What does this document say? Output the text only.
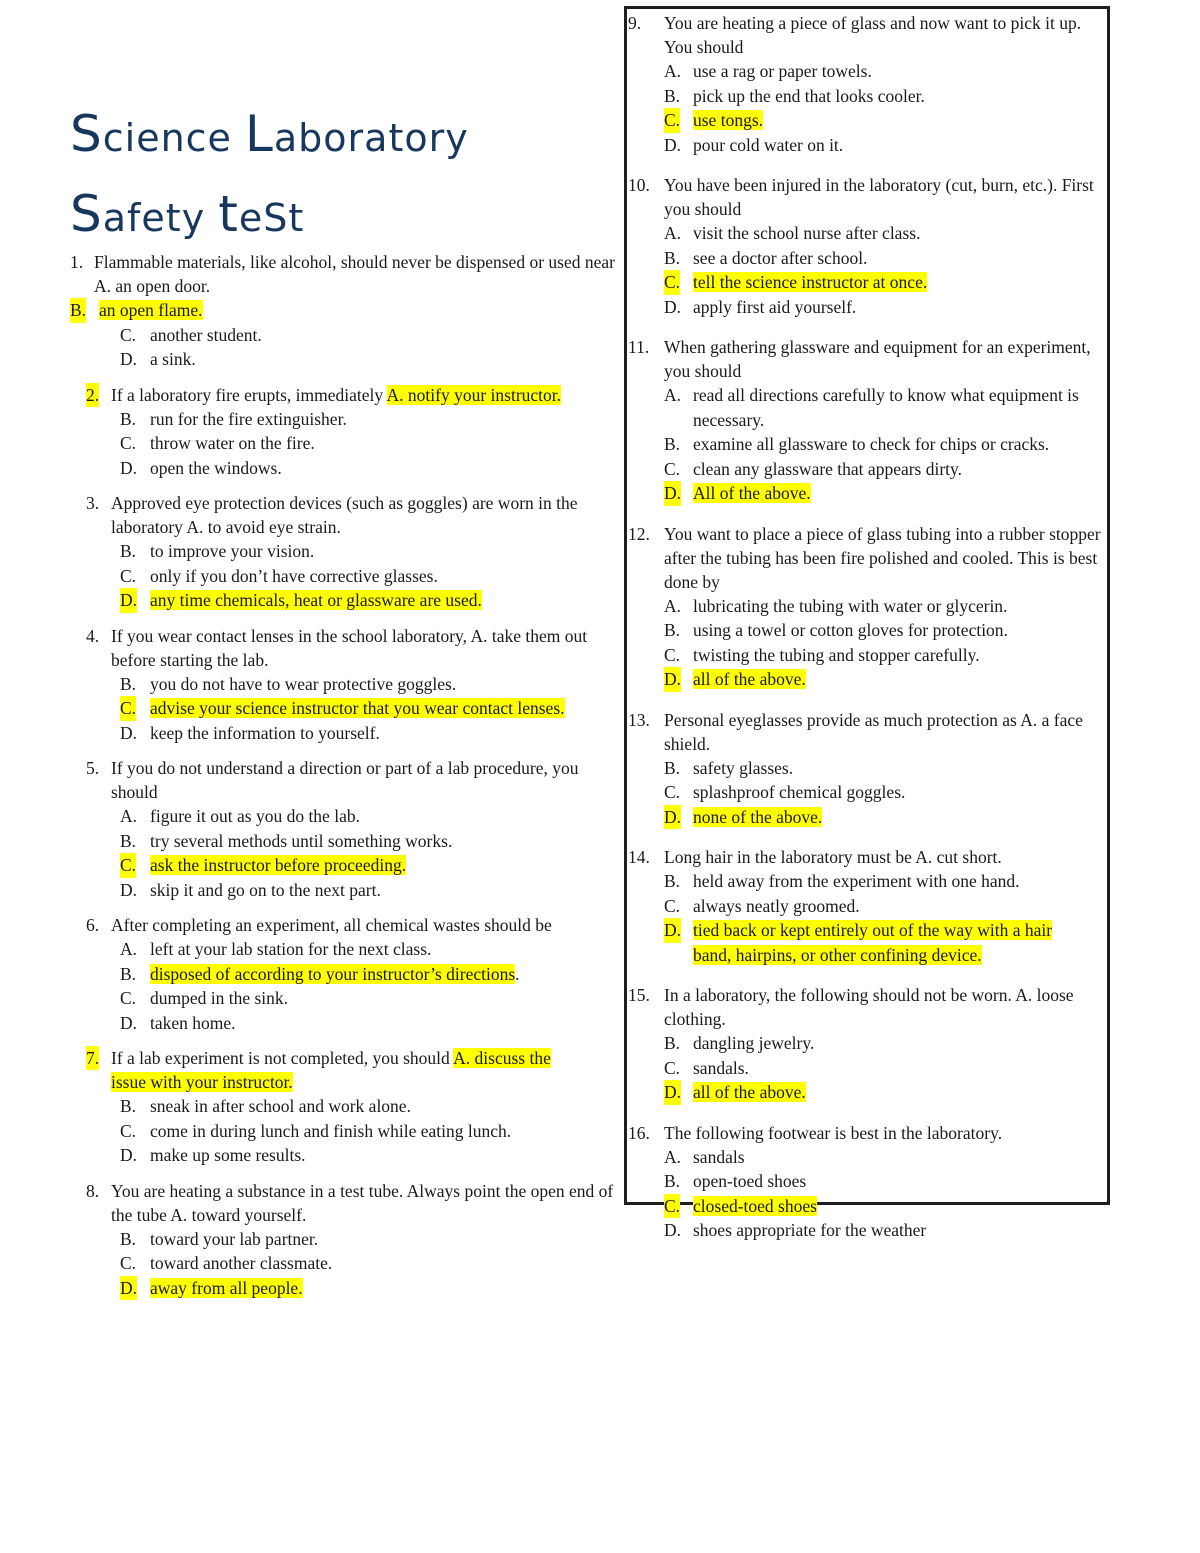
Science Laboratory
Safety teSt
1. Flammable materials, like alcohol, should never be dispensed or used near A. an open door.
B. an open flame.
C. another student.
D. a sink.
2. If a laboratory fire erupts, immediately A. notify your instructor.
B. run for the fire extinguisher.
C. throw water on the fire.
D. open the windows.
3. Approved eye protection devices (such as goggles) are worn in the laboratory A. to avoid eye strain.
B. to improve your vision.
C. only if you don’t have corrective glasses.
D. any time chemicals, heat or glassware are used.
4. If you wear contact lenses in the school laboratory, A. take them out before starting the lab.
B. you do not have to wear protective goggles.
C. advise your science instructor that you wear contact lenses.
D. keep the information to yourself.
5. If you do not understand a direction or part of a lab procedure, you should
A. figure it out as you do the lab.
B. try several methods until something works.
C. ask the instructor before proceeding.
D. skip it and go on to the next part.
6. After completing an experiment, all chemical wastes should be
A. left at your lab station for the next class.
B. disposed of according to your instructor’s directions.
C. dumped in the sink.
D. taken home.
7. If a lab experiment is not completed, you should A. discuss the
issue with your instructor.
B. sneak in after school and work alone.
C. come in during lunch and finish while eating lunch.
D. make up some results.
8. You are heating a substance in a test tube. Always point the open end of the tube A. toward yourself.
B. toward your lab partner.
C. toward another classmate.
D. away from all people.
9. You are heating a piece of glass and now want to pick it up. You should
A. use a rag or paper towels.
B. pick up the end that looks cooler.
C. use tongs.
D. pour cold water on it.
10. You have been injured in the laboratory (cut, burn, etc.). First you should
A. visit the school nurse after class.
B. see a doctor after school.
C. tell the science instructor at once.
D. apply first aid yourself.
11. When gathering glassware and equipment for an experiment, you should
A. read all directions carefully to know what equipment is necessary.
B. examine all glassware to check for chips or cracks.
C. clean any glassware that appears dirty.
D. All of the above.
12. You want to place a piece of glass tubing into a rubber stopper after the tubing has been fire polished and cooled. This is best done by
A. lubricating the tubing with water or glycerin.
B. using a towel or cotton gloves for protection.
C. twisting the tubing and stopper carefully.
D. all of the above.
13. Personal eyeglasses provide as much protection as A. a face shield.
B. safety glasses.
C. splashproof chemical goggles.
D. none of the above.
14. Long hair in the laboratory must be A. cut short.
B. held away from the experiment with one hand.
C. always neatly groomed.
D. tied back or kept entirely out of the way with a hair
band, hairpins, or other confining device.
15. In a laboratory, the following should not be worn. A. loose clothing.
B. dangling jewelry.
C. sandals.
D. all of the above.
16. The following footwear is best in the laboratory.
A. sandals
B. open-toed shoes
C. closed-toed shoes
D. shoes appropriate for the weather
